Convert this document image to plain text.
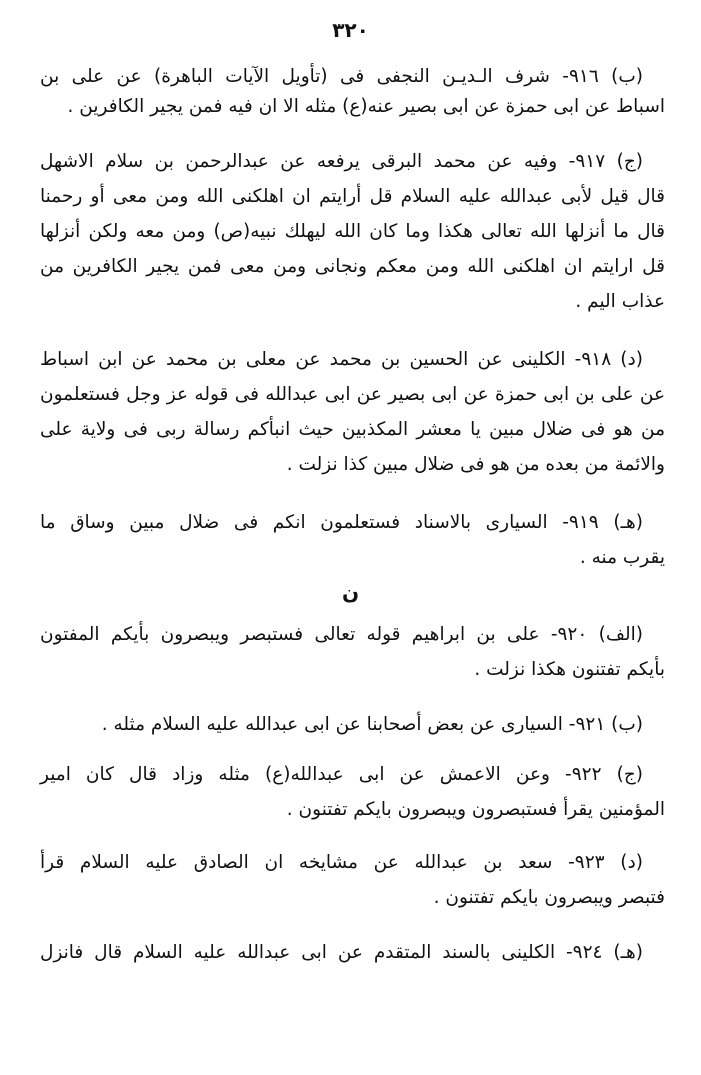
٣٢٠
(ب) ٩١٦- شرف الـديـن النجفى فى (تأويل الآيات الباهرة) عن على بن
اسباط عن ابى حمزة عن ابى بصير عنه(ع) مثله الا ان فيه فمن يجير الكافرين .
(ج) ٩١٧- وفيه عن محمد البرقى يرفعه عن عبدالرحمن بن سلام الاشهل
قال قيل لأبى عبدالله عليه السلام قل أرايتم ان اهلكنى الله ومن معى أو رحمنا
قال ما أنزلها الله تعالى هكذا وما كان الله ليهلك نبيه(ص) ومن معه ولكن أنزلها
قل ارايتم ان اهلكنى الله ومن معكم ونجانى ومن معى فمن يجير الكافرين من
عذاب اليم .
(د) ٩١٨- الكلينى عن الحسين بن محمد عن معلى بن محمد عن ابن اسباط
عن على بن ابى حمزة عن ابى بصير عن ابى عبدالله فى قوله عز وجل فستعلمون
من هو فى ضلال مبين يا معشر المكذبين حيث انبأكم رسالة ربى فى ولاية على
والائمة من بعده من هو فى ضلال مبين كذا نزلت .
(هـ) ٩١٩- السيارى بالاسناد فستعلمون انكم فى ضلال مبين وساق ما
يقرب منه .
ن
(الف) ٩٢٠- على بن ابراهيم قوله تعالى فستبصر ويبصرون بأيكم المفتون
بأيكم تفتنون هكذا نزلت .
(ب) ٩٢١- السيارى عن بعض أصحابنا عن ابى عبدالله عليه السلام مثله .
(ج) ٩٢٢- وعن الاعمش عن ابى عبدالله(ع) مثله وزاد قال كان امير
المؤمنين يقرأ فستبصرون ويبصرون بايكم تفتنون .
(د) ٩٢٣- سعد بن عبدالله عن مشايخه ان الصادق عليه السلام قرأ
فتبصر ويبصرون بايكم تفتنون .
(هـ) ٩٢٤- الكلينى بالسند المتقدم عن ابى عبدالله عليه السلام قال فانزل
